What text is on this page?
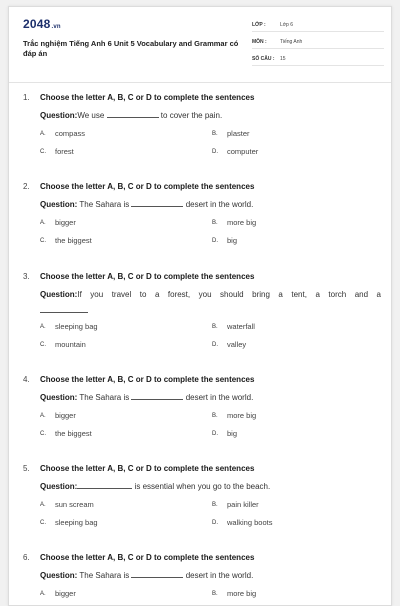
2048.vn
Trắc nghiệm Tiếng Anh 6 Unit 5 Vocabulary and Grammar có đáp án
LỚP :	Lớp 6
MÔN :	Tiếng Anh
SỐ CÂU :	15
1.	Choose the letter A, B, C or D to complete the sentences
Question:We use	to cover the pain.
A.	compass	B.	plaster
C.	forest	D.	computer
2.	Choose the letter A, B, C or D to complete the sentences
Question: The Sahara is	desert in the world.
A.	bigger	B.	more big
C.	the biggest	D.	big
3.	Choose the letter A, B, C or D to complete the sentences
Question:If you travel to a forest, you should bring a tent, a torch and a
A.	sleeping bag	B.	waterfall
C.	mountain	D.	valley
4.	Choose the letter A, B, C or D to complete the sentences
Question: The Sahara is	desert in the world.
A.	bigger	B.	more big
C.	the biggest	D.	big
5.	Choose the letter A, B, C or D to complete the sentences
Question:	is essential when you go to the beach.
A.	sun scream	B.	pain killer
C.	sleeping bag	D.	walking boots
6.	Choose the letter A, B, C or D to complete the sentences
Question: The Sahara is	desert in the world.
A.	bigger	B.	more big
